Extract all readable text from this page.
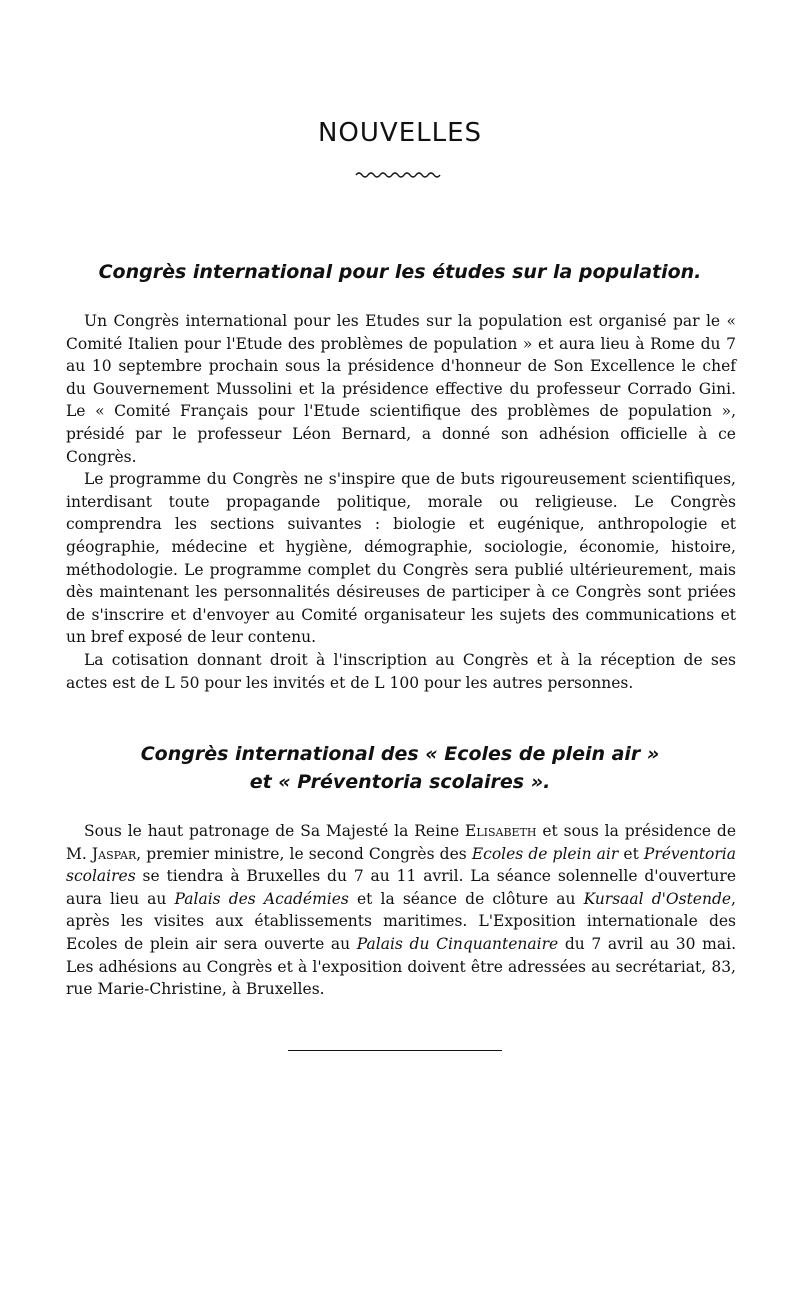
NOUVELLES
Congrès international pour les études sur la population.

Un Congrès international pour les Etudes sur la population est organisé par le « Comité Italien pour l'Etude des problèmes de population » et aura lieu à Rome du 7 au 10 septembre prochain sous la présidence d'honneur de Son Excellence le chef du Gouvernement Mussolini et la présidence effective du professeur Corrado Gini. Le « Comité Français pour l'Etude scientifique des problèmes de population », présidé par le professeur Léon Bernard, a donné son adhésion officielle à ce Congrès.

Le programme du Congrès ne s'inspire que de buts rigoureusement scientifiques, interdisant toute propagande politique, morale ou religieuse. Le Congrès comprendra les sections suivantes : biologie et eugénique, anthropologie et géographie, médecine et hygiène, démographie, sociologie, économie, histoire, méthodologie. Le programme complet du Congrès sera publié ultérieurement, mais dès maintenant les personnalités désireuses de participer à ce Congrès sont priées de s'inscrire et d'envoyer au Comité organisateur les sujets des communications et un bref exposé de leur contenu.

La cotisation donnant droit à l'inscription au Congrès et à la réception de ses actes est de L 50 pour les invités et de L 100 pour les autres personnes.

Congrès international des « Ecoles de plein air »
et « Préventoria scolaires ».

Sous le haut patronage de Sa Majesté la Reine Elisabeth et sous la présidence de M. Jaspar, premier ministre, le second Congrès des Ecoles de plein air et Préventoria scolaires se tiendra à Bruxelles du 7 au 11 avril. La séance solennelle d'ouverture aura lieu au Palais des Académies et la séance de clôture au Kursaal d'Ostende, après les visites aux établissements maritimes. L'Exposition internationale des Ecoles de plein air sera ouverte au Palais du Cinquantenaire du 7 avril au 30 mai. Les adhésions au Congrès et à l'exposition doivent être adressées au secrétariat, 83, rue Marie-Christine, à Bruxelles.
